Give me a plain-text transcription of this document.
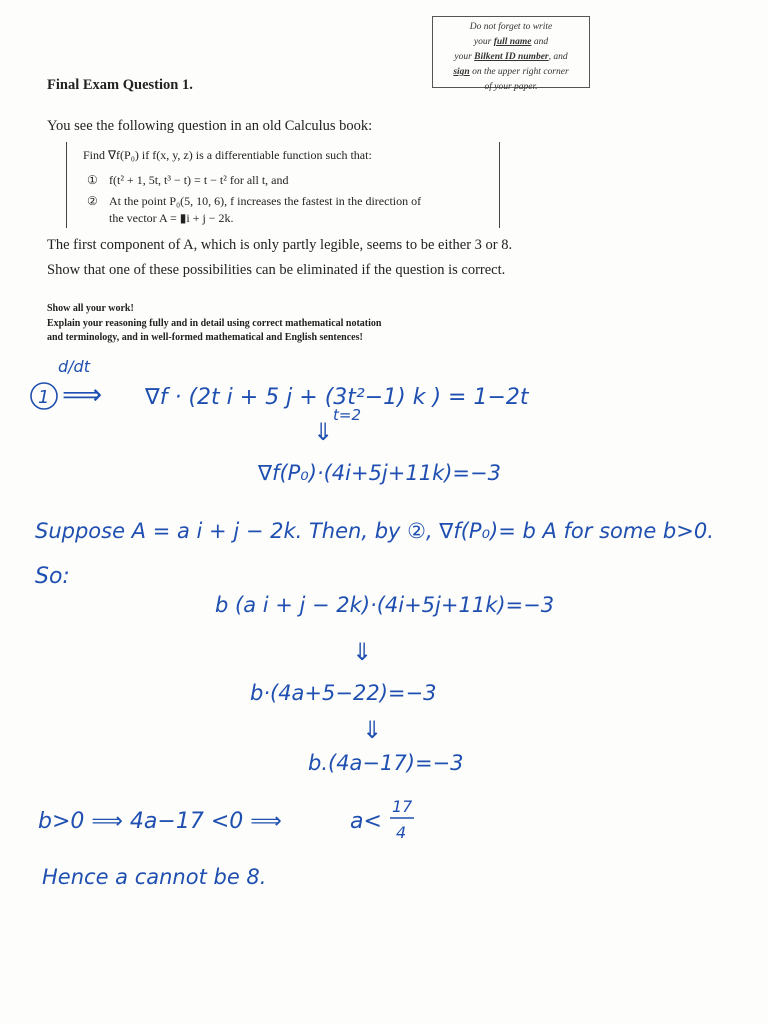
Do not forget to write
your full name and
your Bilkent ID number, and
sign on the upper right corner
of your paper.
Final Exam Question 1.
You see the following question in an old Calculus book:
Find ∇f(P₀) if f(x, y, z) is a differentiable function such that:
① f(t² + 1, 5t, t³ − t) = t − t² for all t, and
② At the point P₀(5, 10, 6), f increases the fastest in the direction of
the vector A = ▮i + j − 2k.
The first component of A, which is only partly legible, seems to be either 3 or 8.
Show that one of these possibilities can be eliminated if the question is correct.
Show all your work!
Explain your reasoning fully and in detail using correct mathematical notation
and terminology, and in well-formed mathematical and English sentences!
d/dt
1 ⟹ ∇f · (2t i + 5 j + (3t²−1) k ) = 1−2t
⇓
t=2
∇f(P₀)·(4i+5j+11k)=−3
Suppose A = a i + j − 2k. Then, by ②, ∇f(P₀)= b A for some b>0.
So:
b (a i + j − 2k)·(4i+5j+11k)=−3
⇓
b·(4a+5−22)=−3
⇓
b.(4a−17)=−3
b>0 ⟹ 4a−17 <0 ⟹	a<
17
4
Hence a cannot be 8.
